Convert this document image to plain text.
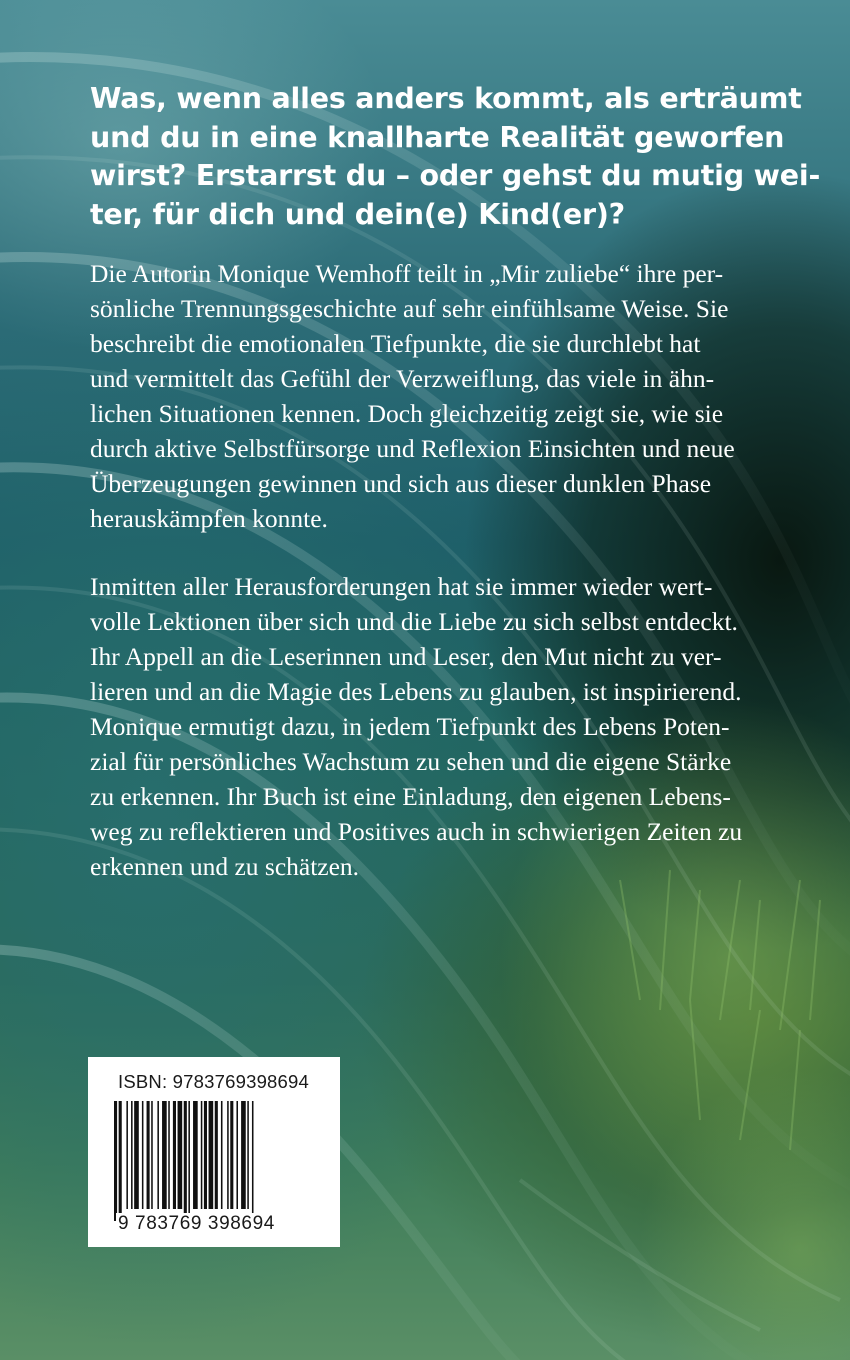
Was, wenn alles anders kommt, als erträumt
und du in eine knallharte Realität geworfen
wirst? Erstarrst du – oder gehst du mutig wei-
ter, für dich und dein(e) Kind(er)?

Die Autorin Monique Wemhoff teilt in „Mir zuliebe“ ihre per-
sönliche Trennungsgeschichte auf sehr einfühlsame Weise. Sie
beschreibt die emotionalen Tiefpunkte, die sie durchlebt hat
und vermittelt das Gefühl der Verzweiflung, das viele in ähn-
lichen Situationen kennen. Doch gleichzeitig zeigt sie, wie sie
durch aktive Selbstfürsorge und Reflexion Einsichten und neue
Überzeugungen gewinnen und sich aus dieser dunklen Phase
herauskämpfen konnte.

Inmitten aller Herausforderungen hat sie immer wieder wert-
volle Lektionen über sich und die Liebe zu sich selbst entdeckt.
Ihr Appell an die Leserinnen und Leser, den Mut nicht zu ver-
lieren und an die Magie des Lebens zu glauben, ist inspirierend.
Monique ermutigt dazu, in jedem Tiefpunkt des Lebens Poten-
zial für persönliches Wachstum zu sehen und die eigene Stärke
zu erkennen. Ihr Buch ist eine Einladung, den eigenen Lebens-
weg zu reflektieren und Positives auch in schwierigen Zeiten zu
erkennen und zu schätzen.

ISBN: 9783769398694
9 783769 398694
